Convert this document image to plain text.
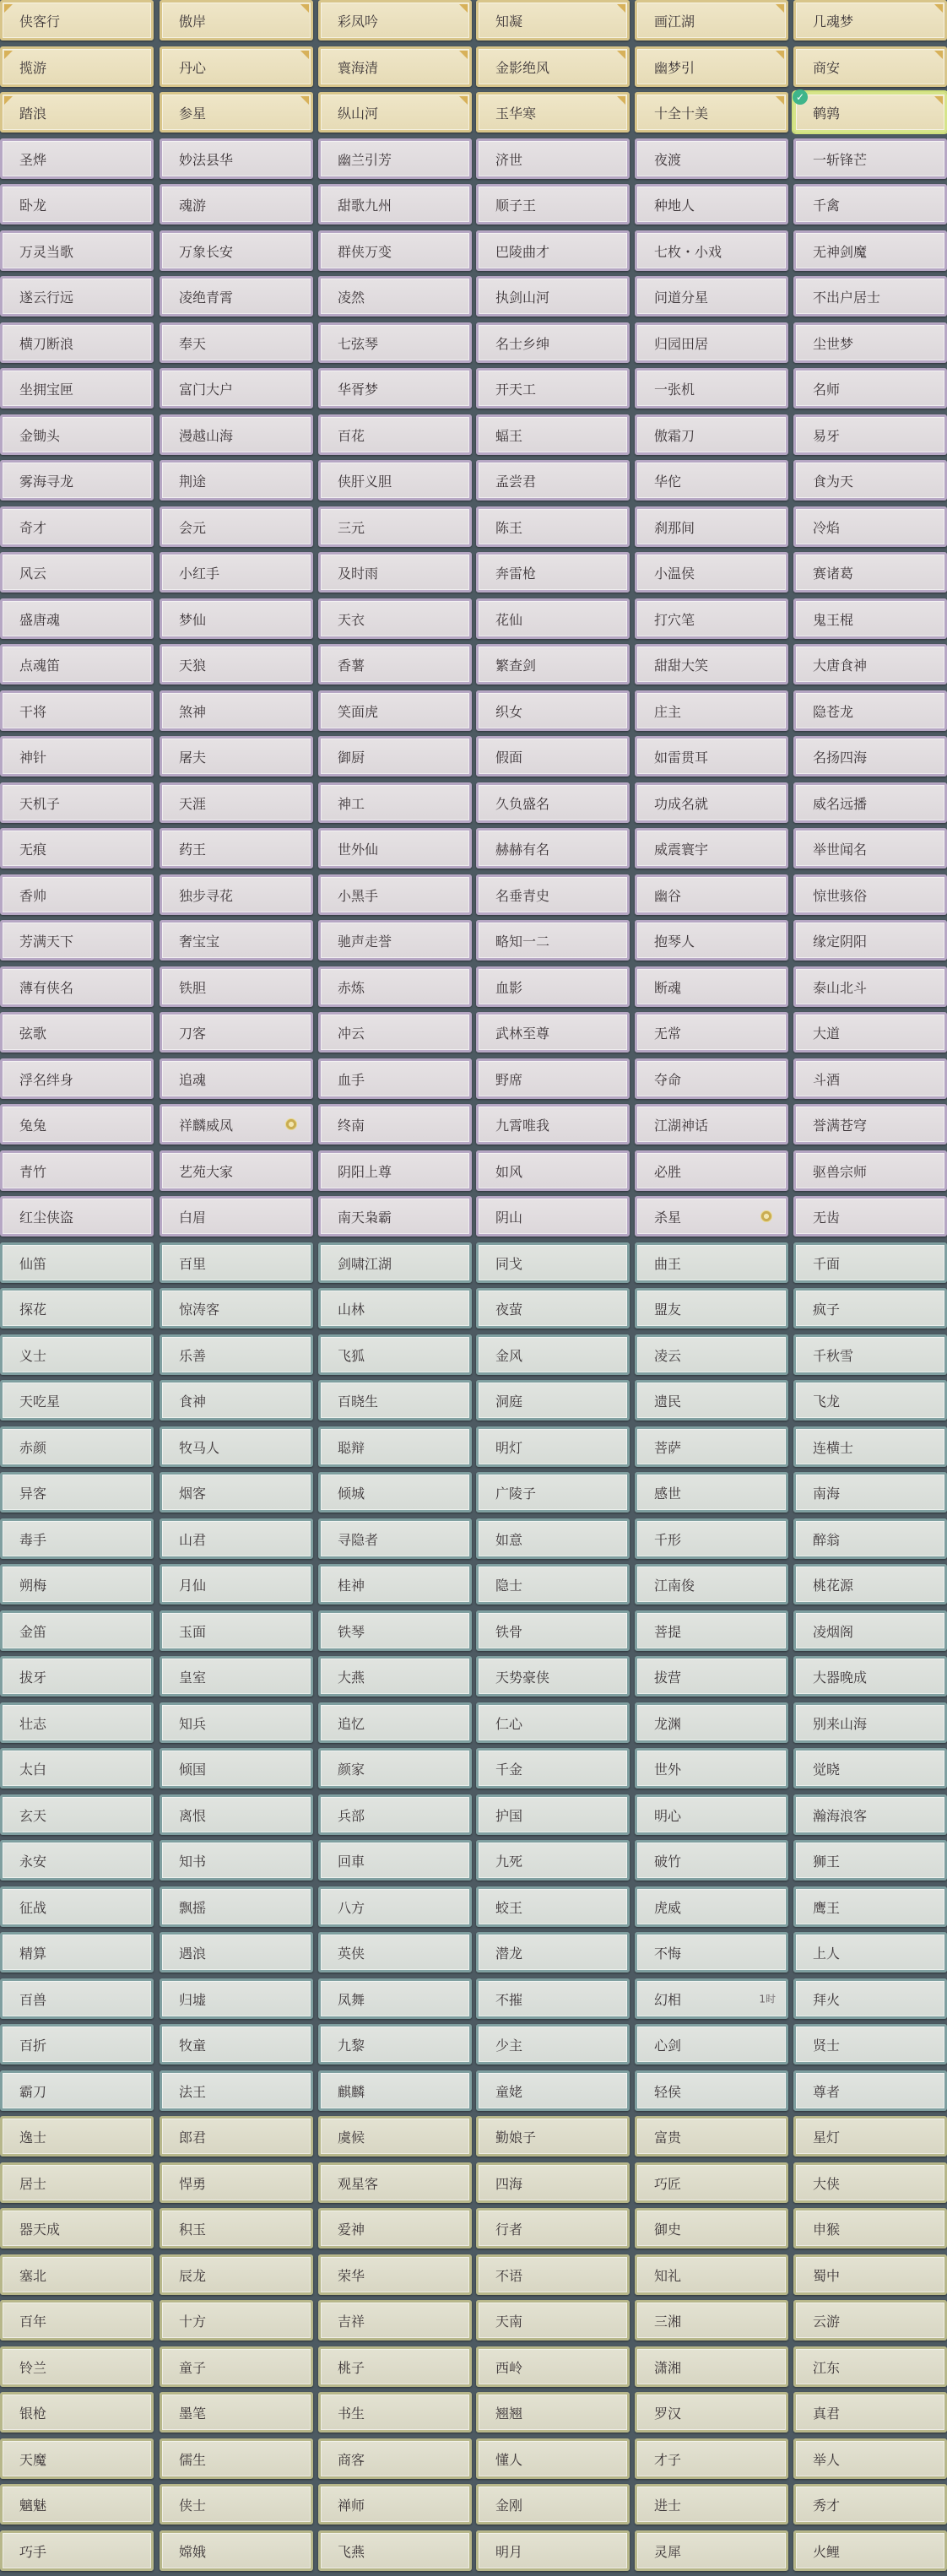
侠客行	傲岸	彩凤吟	知凝	画江湖	几魂梦
揽游	丹心	寰海清	金影绝风	幽梦引	商安
踏浪	参星	纵山河	玉华寒	十全十美	鹌鹑
✓
圣烨	妙法县华	幽兰引芳	济世	夜渡	一斩锋芒
卧龙	魂游	甜歌九州	顺子王	种地人	千禽
万灵当歌	万象长安	群侠万变	巴陵曲才	七枚・小戏	无神剑魔
遂云行远	凌绝青霄	凌然	执剑山河	问道分星	不出户居士
横刀断浪	奉天	七弦琴	名士乡绅	归园田居	尘世梦
坐拥宝匣	富门大户	华胥梦	开天工	一张机	名师
金锄头	漫越山海	百花	蝠王	傲霜刀	易牙
雾海寻龙	荆途	侠肝义胆	孟尝君	华佗	食为天
奇才	会元	三元	陈王	刹那间	冷焰
风云	小红手	及时雨	奔雷枪	小温侯	赛诸葛
盛唐魂	梦仙	天衣	花仙	打穴笔	鬼王棍
点魂笛	天狼	香薯	繁查剑	甜甜大笑	大唐食神
干将	煞神	笑面虎	织女	庄主	隐苍龙
神针	屠夫	御厨	假面	如雷贯耳	名扬四海
天机子	天涯	神工	久负盛名	功成名就	威名远播
无痕	药王	世外仙	赫赫有名	威震寰宇	举世闻名
香帅	独步寻花	小黑手	名垂青史	幽谷	惊世骇俗
芳满天下	奢宝宝	驰声走誉	略知一二	抱琴人	缘定阴阳
薄有侠名	铁胆	赤炼	血影	断魂	泰山北斗
弦歌	刀客	冲云	武林至尊	无常	大道
浮名绊身	追魂	血手	野席	夺命	斗酒
兔兔	祥麟威凤	终南	九霄唯我	江湖神话	誉满苍穹
青竹	艺苑大家	阴阳上尊	如风	必胜	驱兽宗师
红尘侠盗	白眉	南天枭霸	阴山	杀星	无齿
仙笛	百里	剑啸江湖	同戈	曲王	千面
探花	惊涛客	山林	夜萤	盟友	疯子
义士	乐善	飞狐	金风	凌云	千秋雪
天吃星	食神	百晓生	洞庭	遗民	飞龙
赤颜	牧马人	聪辩	明灯	菩萨	连横士
异客	烟客	倾城	广陵子	感世	南海
毒手	山君	寻隐者	如意	千形	醉翁
朔梅	月仙	桂神	隐士	江南俊	桃花源
金笛	玉面	铁琴	铁骨	菩提	凌烟阁
拔牙	皇室	大燕	天势豪侠	拔营	大器晚成
壮志	知兵	追忆	仁心	龙渊	别来山海
太白	倾国	颜家	千金	世外	觉晓
玄天	离恨	兵部	护国	明心	瀚海浪客
永安	知书	回車	九死	破竹	狮王
征战	飘摇	八方	蛟王	虎威	鹰王
精算	遇浪	英侠	潜龙	不悔	上人
百兽	归墟	凤舞	不摧	幻相	1时	拜火
百折	牧童	九黎	少主	心剑	贤士
霸刀	法王	麒麟	童姥	轻侯	尊者
逸士	郎君	虞候	勤娘子	富贵	星灯
居士	悍勇	观星客	四海	巧匠	大侠
器天成	积玉	爱神	行者	御史	申猴
塞北	辰龙	荣华	不语	知礼	蜀中
百年	十方	吉祥	天南	三湘	云游
铃兰	童子	桃子	西岭	潇湘	江东
银枪	墨笔	书生	翘翘	罗汉	真君
天魔	儒生	商客	懂人	才子	举人
魑魅	侠士	禅师	金刚	进士	秀才
巧手	嫦娥	飞燕	明月	灵犀	火鲤
